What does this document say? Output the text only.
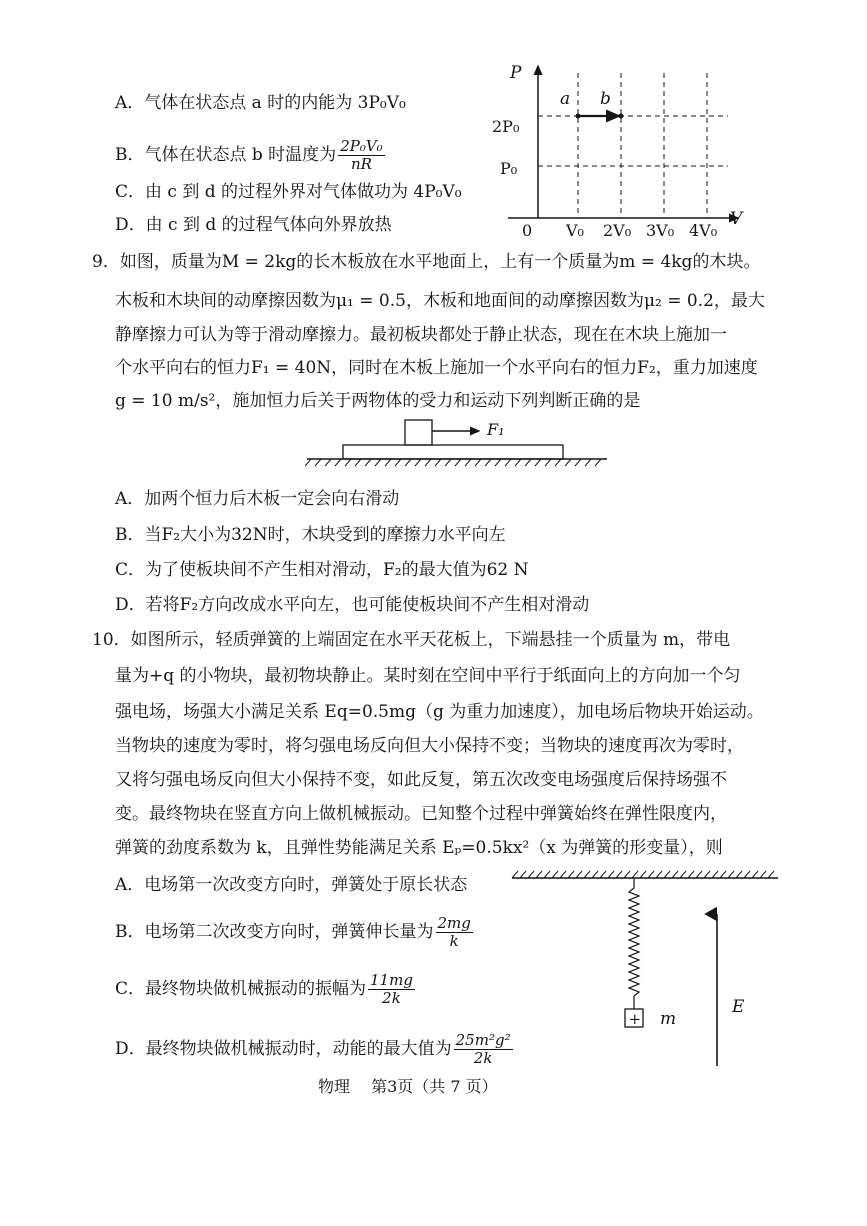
A．气体在状态点 a 时的内能为 3P₀V₀
B．气体在状态点 b 时温度为 $\frac{\text{2P₀V₀}}{nR}$
C．由 c 到 d 的过程外界对气体做功为 4P₀V₀
D．由 c 到 d 的过程气体向外界放热
P
V
0
a b
2P₀
P₀
V₀ 2V₀ 3V₀ 4V₀
9．如图，质量为M = 2kg的长木板放在水平地面上，上有一个质量为m = 4kg的木块。
木板和木块间的动摩擦因数为μ₁ = 0.5，木板和地面间的动摩擦因数为μ₂ = 0.2，最大
静摩擦力可认为等于滑动摩擦力。最初板块都处于静止状态，现在在木块上施加一
个水平向右的恒力F₁ = 40N，同时在木板上施加一个水平向右的恒力F₂，重力加速度
g = 10 m/s²，施加恒力后关于两物体的受力和运动下列判断正确的是
F₁
A．加两个恒力后木板一定会向右滑动
B．当F₂大小为32N时，木块受到的摩擦力水平向左
C．为了使板块间不产生相对滑动，F₂的最大值为62 N
D．若将F₂方向改成水平向左，也可能使板块间不产生相对滑动
10．如图所示，轻质弹簧的上端固定在水平天花板上，下端悬挂一个质量为 m，带电
量为+q 的小物块，最初物块静止。某时刻在空间中平行于纸面向上的方向加一个匀
强电场，场强大小满足关系 Eq=0.5mg（g 为重力加速度），加电场后物块开始运动。
当物块的速度为零时，将匀强电场反向但大小保持不变；当物块的速度再次为零时，
又将匀强电场反向但大小保持不变，如此反复，第五次改变电场强度后保持场强不
变。最终物块在竖直方向上做机械振动。已知整个过程中弹簧始终在弹性限度内，
弹簧的劲度系数为 k，且弹性势能满足关系 Eₚ=0.5kx²（x 为弹簧的形变量），则
A．电场第一次改变方向时，弹簧处于原长状态
B．电场第二次改变方向时，弹簧伸长量为 $\frac{2mg}{k}$
C．最终物块做机械振动的振幅为 $\frac{11mg}{2k}$
D．最终物块做机械振动时，动能的最大值为 $\frac{\text{25m²g²}}{2k}$
+ m
E
物理　 第3页（共 7 页）
